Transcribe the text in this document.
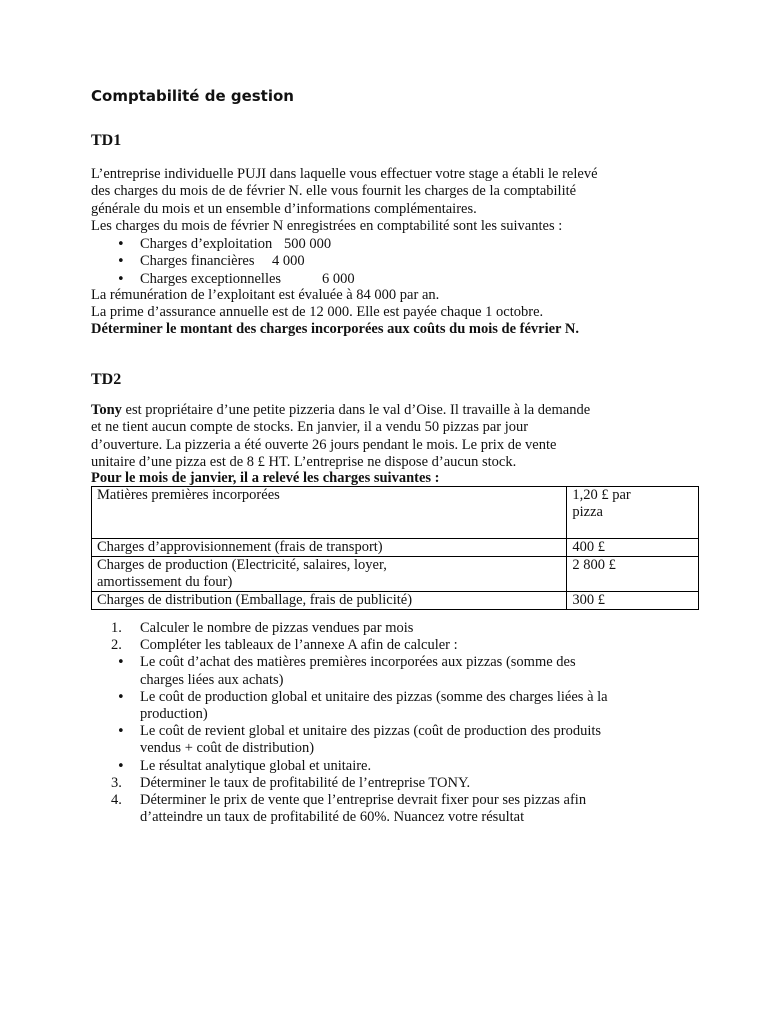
Comptabilité de gestion
TD1
L’entreprise individuelle PUJI dans laquelle vous effectuer votre stage a établi le relevé des charges du mois de de février N. elle vous fournit les charges de la comptabilité générale du mois et un ensemble d’informations complémentaires.
Les charges du mois de février N enregistrées en comptabilité sont les suivantes :
• Charges d’exploitation 500 000
• Charges financières 4 000
• Charges exceptionnelles	6 000
La rémunération de l’exploitant est évaluée à 84 000 par an.
La prime d’assurance annuelle est de 12 000. Elle est payée chaque 1 octobre.
Déterminer le montant des charges incorporées aux coûts du mois de février N.
TD2
Tony est propriétaire d’une petite pizzeria dans le val d’Oise. Il travaille à la demande et ne tient aucun compte de stocks. En janvier, il a vendu 50 pizzas par jour d’ouverture. La pizzeria a été ouverte 26 jours pendant le mois. Le prix de vente unitaire d’une pizza est de 8 £ HT. L’entreprise ne dispose d’aucun stock.
Pour le mois de janvier, il a relevé les charges suivantes :
Matières premières incorporées	1,20 £ par pizza
Charges d’approvisionnement (frais de transport)	400 £
Charges de production (Electricité, salaires, loyer, amortissement du four)	2 800 £
Charges de distribution (Emballage, frais de publicité)	300 £
1. Calculer le nombre de pizzas vendues par mois
2. Compléter les tableaux de l’annexe A afin de calculer :
• Le coût d’achat des matières premières incorporées aux pizzas (somme des charges liées aux achats)
• Le coût de production global et unitaire des pizzas (somme des charges liées à la production)
• Le coût de revient global et unitaire des pizzas (coût de production des produits vendus + coût de distribution)
• Le résultat analytique global et unitaire.
3. Déterminer le taux de profitabilité de l’entreprise TONY.
4. Déterminer le prix de vente que l’entreprise devrait fixer pour ses pizzas afin d’atteindre un taux de profitabilité de 60%. Nuancez votre résultat
